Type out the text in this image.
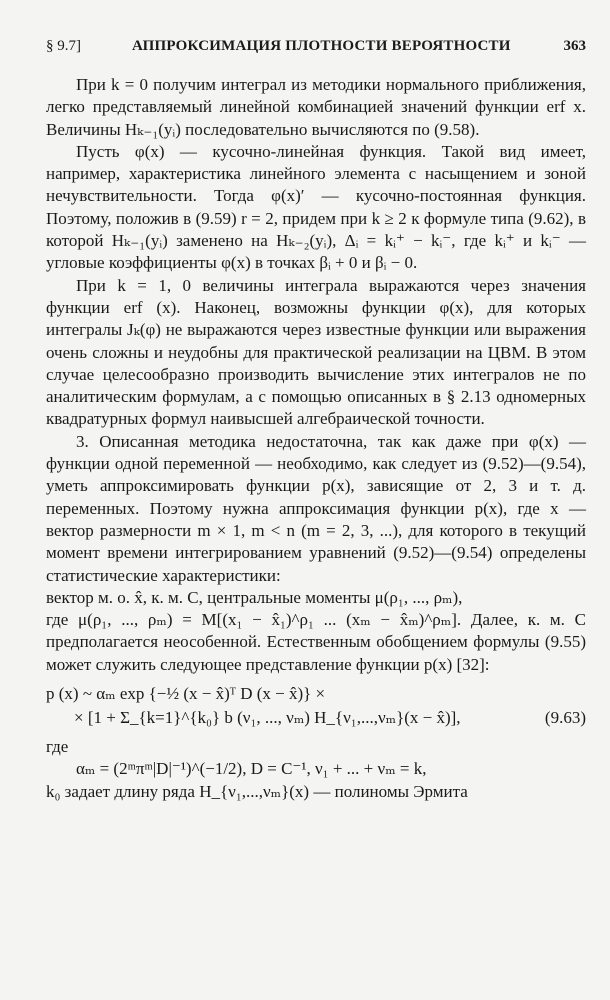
§ 9.7]	АППРОКСИМАЦИЯ ПЛОТНОСТИ ВЕРОЯТНОСТИ	363

При k = 0 получим интеграл из методики нормального приближения, легко представляемый линейной комбинацией значений функции erf x. Величины Hₖ₋₁(yᵢ) последовательно вычисляются по (9.58).

Пусть φ(x) — кусочно-линейная функция. Такой вид имеет, например, характеристика линейного элемента с насыщением и зоной нечувствительности. Тогда φ(x)′ — кусочно-постоянная функция. Поэтому, положив в (9.59) r = 2, придем при k ≥ 2 к формуле типа (9.62), в которой Hₖ₋₁(yᵢ) заменено на Hₖ₋₂(yᵢ), Δᵢ = kᵢ⁺ − kᵢ⁻, где kᵢ⁺ и kᵢ⁻ — угловые коэффициенты φ(x) в точках βᵢ + 0 и βᵢ − 0.

При k = 1, 0 величины интеграла выражаются через значения функции erf (x). Наконец, возможны функции φ(x), для которых интегралы Jₖ(φ) не выражаются через известные функции или выражения очень сложны и неудобны для практической реализации на ЦВМ. В этом случае целесообразно производить вычисление этих интегралов не по аналитическим формулам, а с помощью описанных в § 2.13 одномерных квадратурных формул наивысшей алгебраической точности.

3. Описанная методика недостаточна, так как даже при φ(x) — функции одной переменной — необходимо, как следует из (9.52)—(9.54), уметь аппроксимировать функции p(x), зависящие от 2, 3 и т. д. переменных. Поэтому нужна аппроксимация функции p(x), где x — вектор размерности m × 1, m < n (m = 2, 3, ...), для которого в текущий момент времени интегрированием уравнений (9.52)—(9.54) определены статистические характеристики:

вектор м. о. x̂, к. м. C, центральные моменты μ(ρ₁, ..., ρₘ),

где μ(ρ₁, ..., ρₘ) = M[(x₁ − x̂₁)^ρ₁ ... (xₘ − x̂ₘ)^ρₘ]. Далее, к. м. C предполагается неособенной. Естественным обобщением формулы (9.55) может служить следующее представление функции p(x) [32]:

p (x) ~ αₘ exp {−½ (x − x̂)ᵀ D (x − x̂)} ×
(9.63)
× [1 + Σ_{k=1}^{k₀} b (ν₁, ..., νₘ) H_{ν₁,...,νₘ}(x − x̂)],

где

αₘ = (2ᵐπᵐ|D|⁻¹)^(−1/2), D = C⁻¹, ν₁ + ... + νₘ = k,

k₀ задает длину ряда H_{ν₁,...,νₘ}(x) — полиномы Эрмита
